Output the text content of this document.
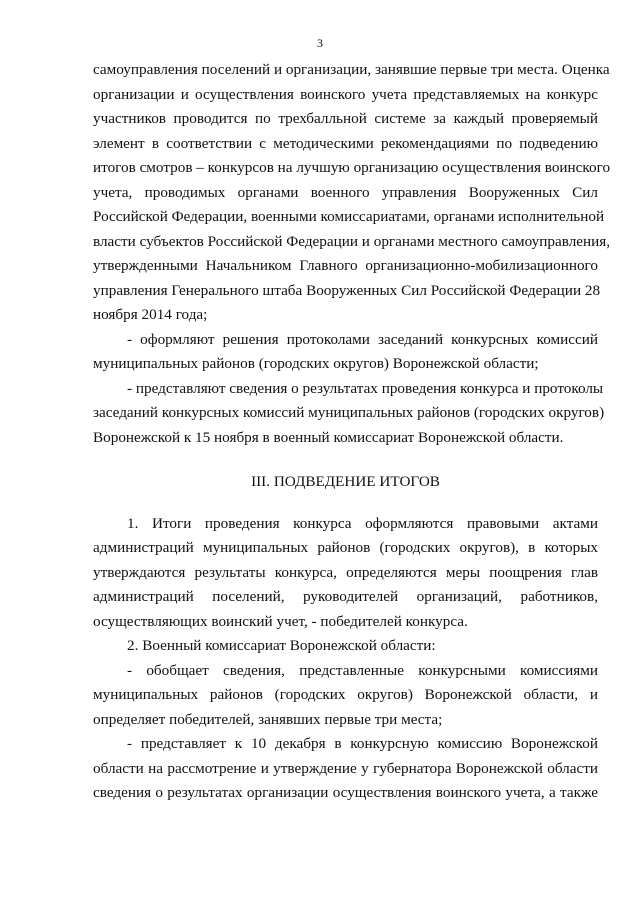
3
самоуправления поселений и организации, занявшие первые три места. Оценка
организации и осуществления воинского учета представляемых на конкурс
участников проводится по трехбалльной системе за каждый проверяемый
элемент в соответствии с методическими рекомендациями по подведению
итогов смотров – конкурсов на лучшую организацию осуществления воинского
учета, проводимых органами военного управления Вооруженных Сил
Российской Федерации, военными комиссариатами, органами исполнительной
власти субъектов Российской Федерации и органами местного самоуправления,
утвержденными Начальником Главного организационно-мобилизационного
управления Генерального штаба Вооруженных Сил Российской Федерации 28
ноября 2014 года;
- оформляют решения протоколами заседаний конкурсных комиссий
муниципальных районов (городских округов) Воронежской области;
- представляют сведения о результатах проведения конкурса и протоколы
заседаний конкурсных комиссий муниципальных районов (городских округов)
Воронежской к 15 ноября в военный комиссариат Воронежской области.
III. ПОДВЕДЕНИЕ ИТОГОВ
1. Итоги проведения конкурса оформляются правовыми актами
администраций муниципальных районов (городских округов), в которых
утверждаются результаты конкурса, определяются меры поощрения глав
администраций поселений, руководителей организаций, работников,
осуществляющих воинский учет, - победителей конкурса.
2. Военный комиссариат Воронежской области:
- обобщает сведения, представленные конкурсными комиссиями
муниципальных районов (городских округов) Воронежской области, и
определяет победителей, занявших первые три места;
- представляет к 10 декабря в конкурсную комиссию Воронежской
области на рассмотрение и утверждение у губернатора Воронежской области
сведения о результатах организации осуществления воинского учета, а также
